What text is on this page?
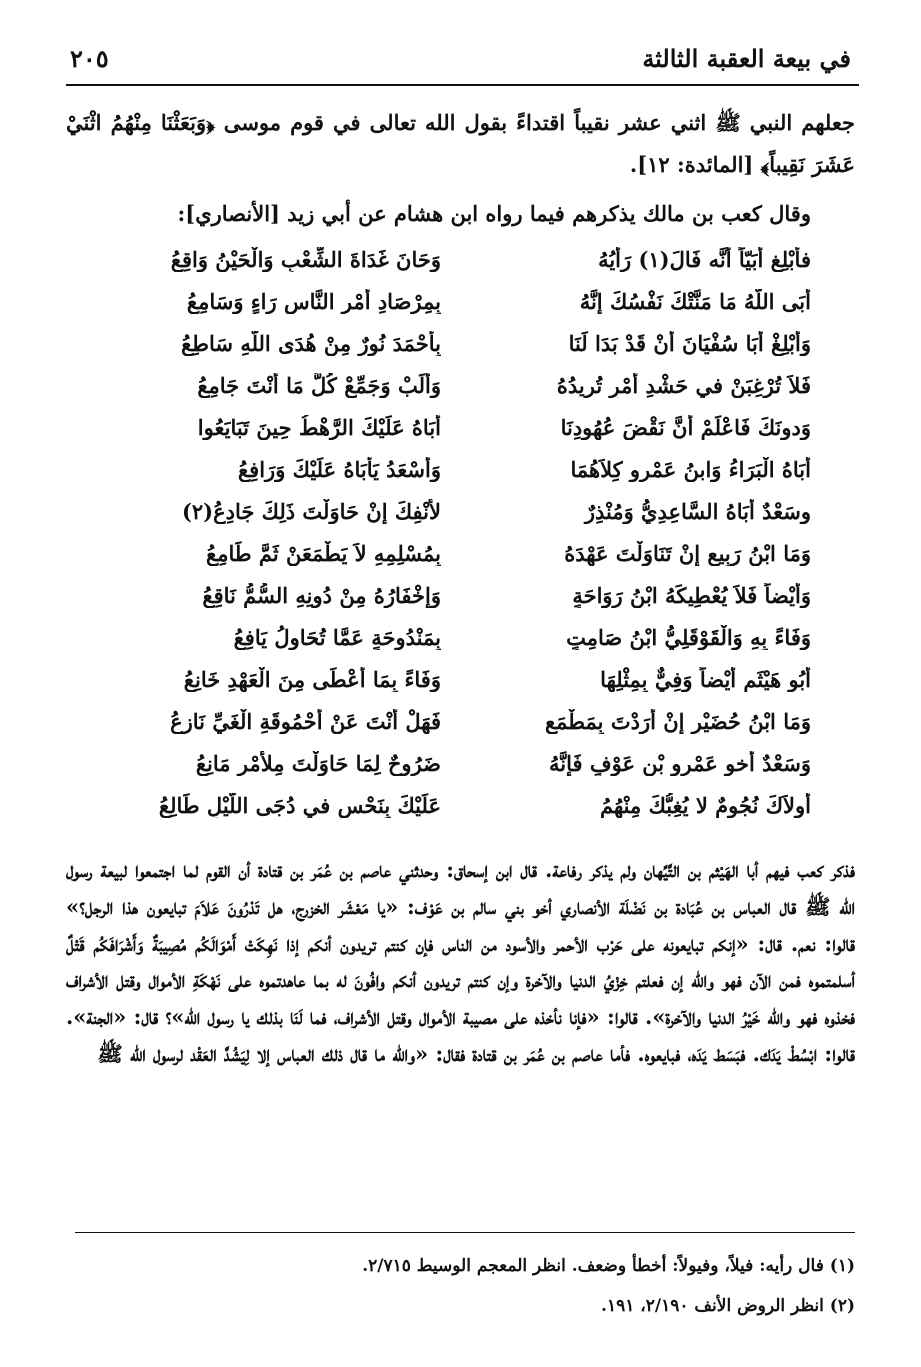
في بيعة العقبة الثالثة
٢٠٥
جعلهم النبي ﷺ اثني عشر نقيباً اقتداءً بقول الله تعالى في قوم موسى ﴿وَبَعَثْنَا مِنْهُمُ اثْنَيْ عَشَرَ نَقِيباً﴾ [المائدة: ١٢].
وقال كعب بن مالك يذكرهم فيما رواه ابن هشام عن أبي زيد [الأنصاري]:
فأَبْلِغ أُبَيّاً أَنَّه فَالَ(١) رَأْيُهُ
وَحَانَ غَدَاةَ الشِّعْبِ وَالْحَيْنُ وَاقِعُ
أَبَى اللّهُ مَا مَنَّتْكَ نَفْسُكَ إِنَّهُ
بِمِرْصَادِ أَمْرِ النَّاسِ رَاءٍ وَسَامِعُ
وَأَبْلِغْ أَبَا سُفْيَانَ أَنْ قَدْ بَدَا لَنَا
بِأَحْمَدَ نُورٌ مِنْ هُدَى اللّهِ سَاطِعُ
فَلاَ تُرْغِبَنْ في حَشْدِ أَمْرٍ تُرِيدُهُ
وَأَلِّبْ وَجَمِّعْ كُلَّ مَا أَنْتَ جَامِعُ
وَدونَكَ فَاعْلَمْ أَنَّ نَقْضَ عُهُودِنَا
أَبَاهُ عَلَيْكَ الرَّهْطُ حِينَ تَبَايَعُوا
أَبَاهُ الْبَرَاءُ وَابنُ عَمْرو كِلاَهُمَا
وَأَسْعَدُ يَأْبَاهُ عَلَيْكَ وَرَافِعُ
وسَعْدٌ أَبَاهُ السَّاعِدِيُّ وَمُنْذِرٌ
لأَنْفِكَ إِنْ حَاوَلْتَ ذَلِكَ جَادِعُ(٢)
وَمَا ابْنُ رَبِيعٍ إِنْ تَنَاوَلْتَ عَهْدَهُ
بِمُسْلِمِهِ لاَ يَطْمَعَنْ ثَمَّ طَامِعُ
وَأَيْضاً فَلاَ يُعْطِيكَهُ ابْنُ رَوَاحَةٍ
وَإِخْفَارُهُ مِنْ دُونِهِ السُّمُّ نَاقِعُ
وَفَاءً بِهِ وَالْقَوْقَلِيُّ ابْنُ صَامِتٍ
بِمَنْدُوحَةٍ عَمَّا تُحَاوِلُ يَافِعُ
أَبُو هَيْثَمٍ أَيْضاً وَفِيٌّ بِمِثْلِهَا
وَفَاءً بِمَا أَعْطَى مِنَ الْعَهْدِ خَانِعُ
وَمَا ابْنُ حُضَيْرٍ إِنْ أَرَدْتَ بِمَطْمَعٍ
فَهَلْ أَنْتَ عَنْ أُحْمُوقَةِ الْغَيِّ نَازِعُ
وَسَعْدٌ أَخو عَمْرِو بْنِ عَوْفٍ فَإِنَّهُ
ضَرُوحٌ لِمَا حَاوَلْتَ مِلأَمْرِ مَانِعُ
أُولاَكَ نُجُومٌ لا يُغِبُّكَ مِنْهُمُ
عَلَيْكَ بِنَحْسٍ في دُجَى اللَّيْلِ طَالِعُ
فذكر كعب فيهم أبا الهَيْثم بن التَّيِّهان ولم يذكر رفاعة. قال ابن إسحاق: وحدثني عاصم بن عُمَر بن قتادة أن القوم لما اجتمعوا لبيعة رسول الله ﷺ قال العباس بن عُبَادة بن نَضْلَة الأنصاري أخو بني سالم بن عَوْف: «يا مَعْشَر الخزرج، هل تَدْرُونَ عَلاَمَ تبايعون هذا الرجل؟» قالوا: نعم. قال: «إنكم تبايعونه على حَرْب الأحمر والأسود من الناس فإن كنتم تريدون أنكم إذا نَهِكَتْ أَمْوَالَكُم مُصِيبَةٌ وَأَشْرَافَكُم قَتْلٌ أسلمتموه فمن الآن فهو والله إن فعلتم خِزْيُ الدنيا والآخرة وإن كنتم تريدون أنكم وافُونَ له بما عاهدتموه على نَهْكَةِ الأموال وقتل الأشراف فخذوه فهو والله خَيْرُ الدنيا والآخرة». قالوا: «فإنا نأخذه على مصيبة الأموال وقتل الأشراف، فما لَنَا بذلك يا رسول الله»؟ قال: «الجنة». قالوا: ابْسُطْ يَدَك. فبَسَط يَدَه، فبايعوه. فأما عاصم بن عُمَر بن قتادة فقال: «والله ما قال ذلك العباس إلا لِيَشُدَّ العَقْد لرسول الله ﷺ
(١) فال رأيه: فيلاً، وفيولاً: أخطأ وضعف. انظر المعجم الوسيط ٢/٧١٥.
(٢) انظر الروض الأنف ٢/١٩٠، ١٩١.
